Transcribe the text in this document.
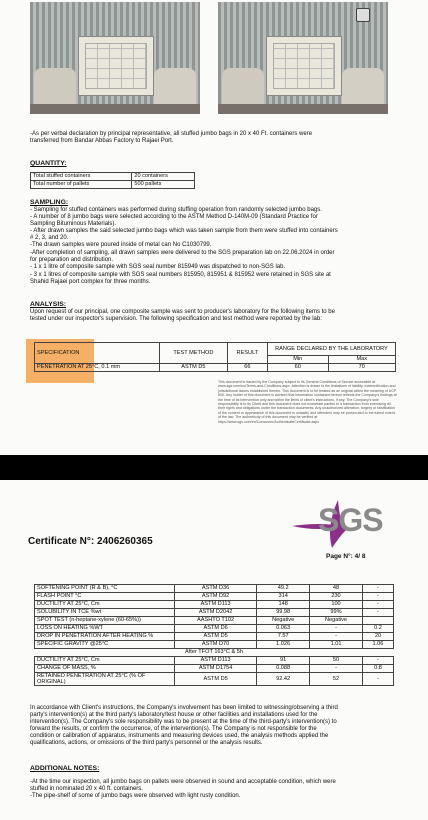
-As per verbal declaration by principal representative, all stuffed jumbo bags in 20 x 40 Ft. containers were
transferred from Bandar Abbas Factory to Rajaei Port.
QUANTITY:
Total stuffed containers	20 containers
Total number of pallets	500 pallets
SAMPLING:
- Sampling for stuffed containers was performed during stuffing operation from randomly selected jumbo bags.
- A number of 8 jumbo bags were selected according to the ASTM Method D-140M-09 (Standard Practice for
Sampling Bituminous Materials).
- After drawn samples the said selected jumbo bags which was taken sample from them were stuffed into containers
# 2, 3, and 20.
-The drawn samples were poured inside of metal can No C1030799.
-After completion of sampling, all drawn samples were delivered to the SGS preparation lab on 22.06.2024 in order
for preparation and distribution.
- 1 x 1 litre of composite sample with SGS seal number 815949 was dispatched to non-SGS lab.
- 3 x 1 litres of composite sample with SGS seal numbers 815950, 815951 & 815952 were retained in SGS site at
Shahid Rajaei port complex for three months.
ANALYSIS:
Upon request of our principal, one composite sample was sent to producer's laboratory for the following items to be
tested under our inspector's supervision. The following specification and test method were reported by the lab:
SPECIFICATION	TEST METHOD	RESULT	RANGE DECLARED BY THE LABORATORY	
			Min	Max
PENETRATION AT 25°C, 0.1 mm	ASTM D5	66	60	70
This document is issued by the Company subject to its General Conditions of Service accessible at www.sgs.com/en/Terms-and-Conditions.aspx. Attention is drawn to the limitations of liability, indemnification and jurisdictional issues established therein. This document is to be treated as an original within the meaning of UCP 600. Any holder of this document is advised that information contained hereon reflects the Company's findings at the time of its intervention only and within the limits of client's instructions, if any. The Company's sole responsibility is to its Client and this document does not exonerate parties to a transaction from exercising all their rights and obligations under the transaction documents. Any unauthorized alteration, forgery or falsification of the content or appearance of this document is unlawful and offenders may be prosecuted to the fullest extent of the law. The authenticity of this document may be verified at https://www.sgs.com/en/Consumer/AuthenticateCertificate.aspx
SGS
Certificate N°: 2406260365
Page N°: 4/ 8
SOFTENING POINT (R & B), °C	ASTM D36	49.2	48	-
FLASH POINT °C	ASTM D92	314	230	-
DUCTILITY AT 25°C, Cm	ASTM D113	148	100	-
SOLUBILITY IN TCE %wt	ASTM D2042	99.98	99%	-
SPOT TEST (n-heptane-xylene (60-65%))	AASHTO T102	Negative	Negative	
LOSS ON HEATING %WT	ASTM D6	0.063	-	0.2
DROP IN PENETRATION AFTER HEATING %	ASTM D5	7.57	-	20
SPECIFIC GRAVITY @25°C	ASTM D70	1.026	1.01	1.06
After TFOT 163°C & 5h				
DUCTILITY AT 25°C, Cm	ASTM D113	91	50	-
CHANGE OF MASS, %	ASTM D1754	0.088	-	0.8
RETAINED PENETRATION AT 25°C (% OF ORIGINAL)	ASTM D5	92.42	52	-
In accordance with Client's instructions, the Company's involvement has been limited to witnessing/observing a third
party's intervention(s) at the third party's laboratory/test house or other facilities and installations used for the
intervention(s). The Company's sole responsibility was to be present at the time of the third-party's intervention(s) to
forward the results, or confirm the occurrence, of the intervention(s). The Company is not responsible for the
condition or calibration of apparatus, instruments and measuring devices used, the analysis methods applied the
qualifications, actions, or omissions of the third party's personnel or the analysis results.
ADDITIONAL NOTES:
-At the time our inspection, all jumbo bags on pallets were observed in sound and acceptable condition, which were
stuffed in nominated 20 x 40 ft. containers.
-The pipe-shelf of some of jumbo bags were observed with light rusty condition.
